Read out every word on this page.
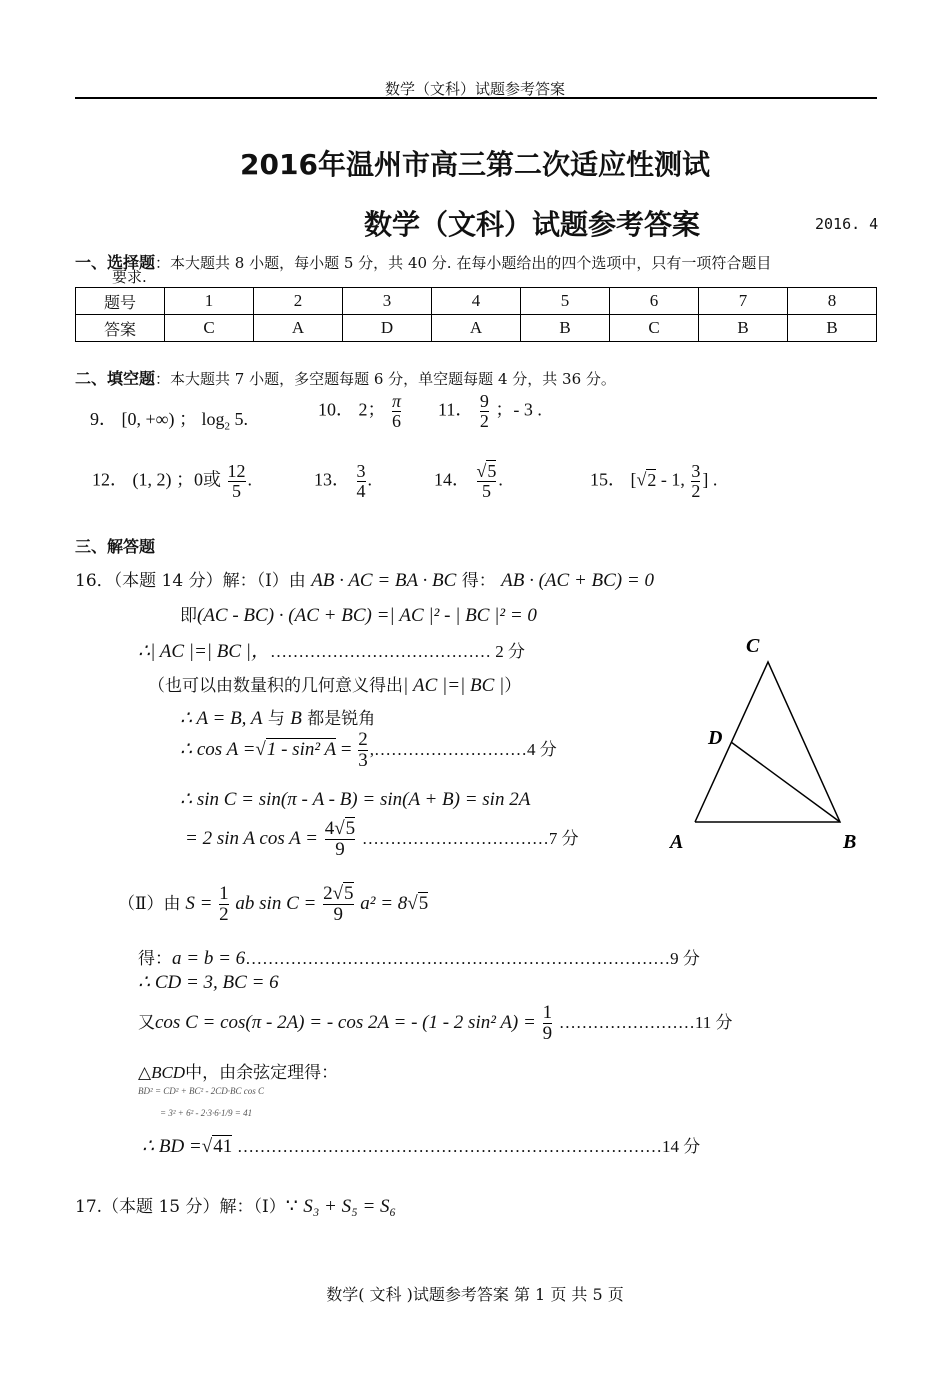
数学（文科）试题参考答案
2016年温州市高三第二次适应性测试
数学（文科）试题参考答案	2016. 4
一、选择题：本大题共 8 小题，每小题 5 分，共 40 分. 在每小题给出的四个选项中，只有一项符合题目
要求.
题号	1	2	3	4	5	6	7	8
答案	C	A	D	A	B	C	B	B
二、填空题：本大题共 7 小题，多空题每题 6 分，单空题每题 4 分，共 36 分。
9． [0, +∞) ； $\log_2 5$.	10． 2； $\frac{\pi}{6} 11$． $\frac{9}{2}$ ；- 3 .
12． (1, 2) ；0或 $\frac{12}{5}$ .	13． $\frac{3}{4}$ .	14． $\frac{√5}{5}$ .	15． [√2 - 1, $\frac{3}{2}$ ] .
三、解答题
16．（本题 14 分）解：（Ⅰ）由 AB · AC = BA · BC 得： AB · (AC + BC) = 0
即(AC - BC) · (AC + BC) =| AC |² - | BC |² = 0
∴| AC |=| BC |，………………………………… 2 分
（也可以由数量积的几何意义得出| AC |=| BC |）
∴ A = B, A 与 B 都是锐角
∴ cos A =√1 - sin² $A = \frac{2}{3}$ ,………………………4 分
∴ sin C = sin(π - A - B) = sin(A + B) = sin 2A
= 2 sin A $\cos A = \frac{4√5}{9}$ ……………………………7 分
（Ⅱ）由 $S = \frac{1}{2}$ ab $\sin C = \frac{2√5}{9} a^2 = 8√5$
得：a = b = 6…………………………………………………………………9 分
∴ CD = 3, BC = 6
又cos C = cos(π - 2A) = - cos 2A = - (1 - 2 sin² $A) = \frac{1}{9}$ ……………………11 分
△BCD中，由余弦定理得：
BD² = CD² + BC² - 2CD·BC cos C
= 3² + 6² - 2·3·6·1/9 = 41
∴ BD =√41 …………………………………………………………………14 分
17.（本题 15 分）解：（Ⅰ）∵ S₃ + S₅ = S₆
C
D
A	B
数学( 文科 )试题参考答案 第 1 页 共 5 页
